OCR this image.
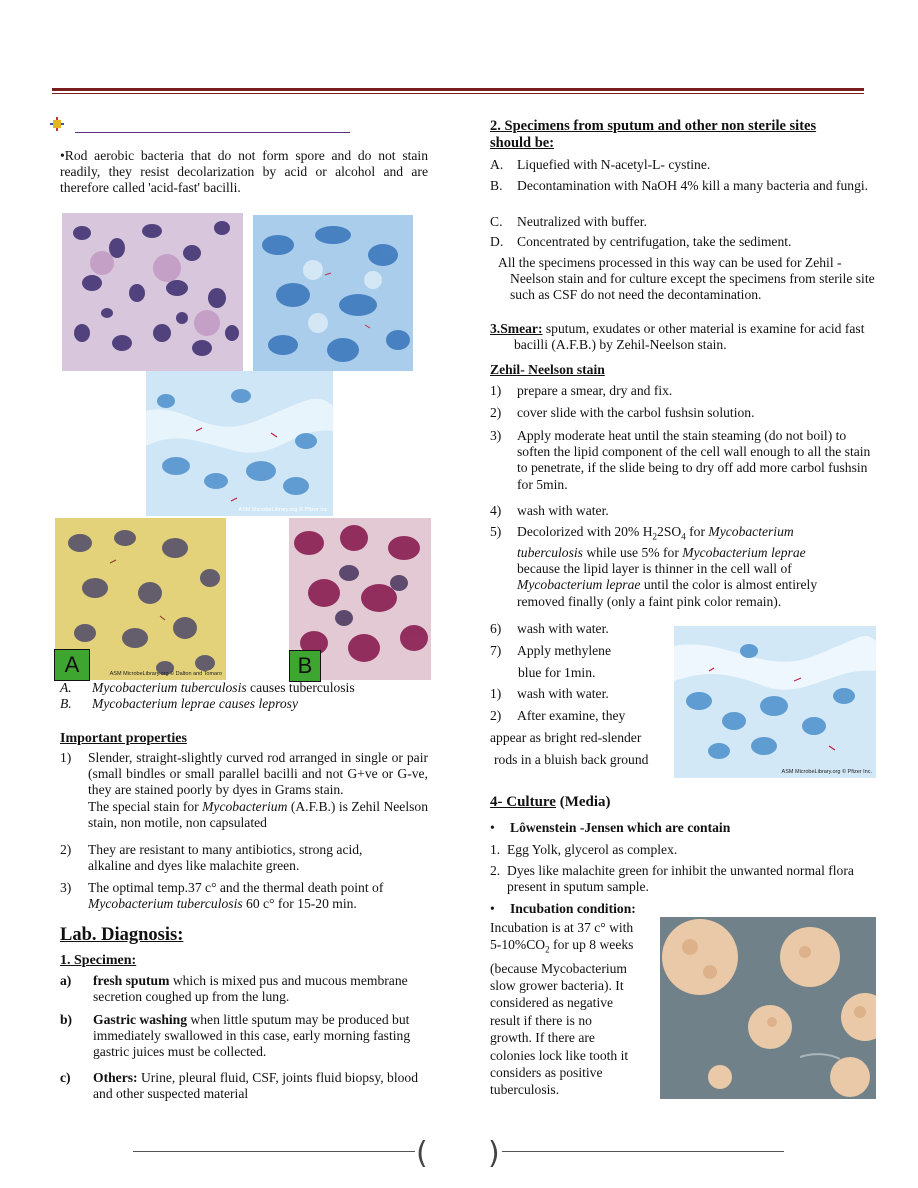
•Rod aerobic bacteria that do not form spore and do not stain readily, they resist decolarization by acid or alcohol and are therefore called 'acid-fast' bacilli.
ASM MicrobeLibrary.org © Pfizer Inc.
ASM MicrobeLibrary.org © Dalton and Tomaro
A	B
A. Mycobacterium tuberculosis causes tuberculosis
B. Mycobacterium leprae causes leprosy
Important properties
1)	Slender, straight-slightly curved rod arranged in single or pair (small bindles or small parallel bacilli and not G+ve or G-ve, they are stained poorly by dyes in Grams stain.
The special stain for Mycobacterium (A.F.B.) is Zehil Neelson stain, non motile, non capsulated
2)	They are resistant to many antibiotics, strong acid, alkaline and dyes like malachite green.
3)	The optimal temp.37 c° and the thermal death point of
Mycobacterium tuberculosis 60 c° for 15-20 min.
Lab. Diagnosis:
1. Specimen:
a)	fresh sputum which is mixed pus and mucous membrane secretion coughed up from the lung.
b)	Gastric washing when little sputum may be produced but immediately swallowed in this case, early morning fasting gastric juices must be collected.
c)	Others: Urine, pleural fluid, CSF, joints fluid biopsy, blood and other suspected material
2. Specimens from sputum and other non sterile sites should be:
A.	Liquefied with N-acetyl-L- cystine.
B.	Decontamination with NaOH 4% kill a many bacteria and fungi.
C.	Neutralized with buffer.
D.	Concentrated by centrifugation, take the sediment.
All the specimens processed in this way can be used for Zehil -Neelson stain and for culture except the specimens from sterile site such as CSF do not need the decontamination.
3.Smear: sputum, exudates or other material is examine for acid fast bacilli (A.F.B.) by Zehil-Neelson stain.
Zehil- Neelson stain
1)	prepare a smear, dry and fix.
2)	cover slide with the carbol fushsin solution.
3)	Apply moderate heat until the stain steaming (do not boil) to soften the lipid component of the cell wall enough to all the stain to penetrate, if the slide being to dry off add more carbol fushsin for 5min.
4)	wash with water.
5)	Decolorized with 20% $H_22SO_4$ for Mycobacterium tuberculosis while use 5% for Mycobacterium leprae because the lipid layer is thinner in the cell wall of Mycobacterium leprae until the color is almost entirely removed finally (only a faint pink color remain).
6)	wash with water.
7)	Apply methylene
blue for 1min.
1)	wash with water.
2)	After examine, they
appear as bright red-slender
rods in a bluish back ground
ASM MicrobeLibrary.org © Pfizer Inc.
4- Culture (Media)
• Lôwenstein -Jensen which are contain
1. Egg Yolk, glycerol as complex.
2. Dyes like malachite green for inhibit the unwanted normal flora present in sputum sample.
• Incubation condition:
Incubation is at 37 c° with
$5-10\%CO_2$ for up 8 weeks
(because Mycobacterium
slow grower bacteria). It
considered as negative
result if there is no
growth. If there are
colonies lock like tooth it
considers as positive
tuberculosis.
( )
